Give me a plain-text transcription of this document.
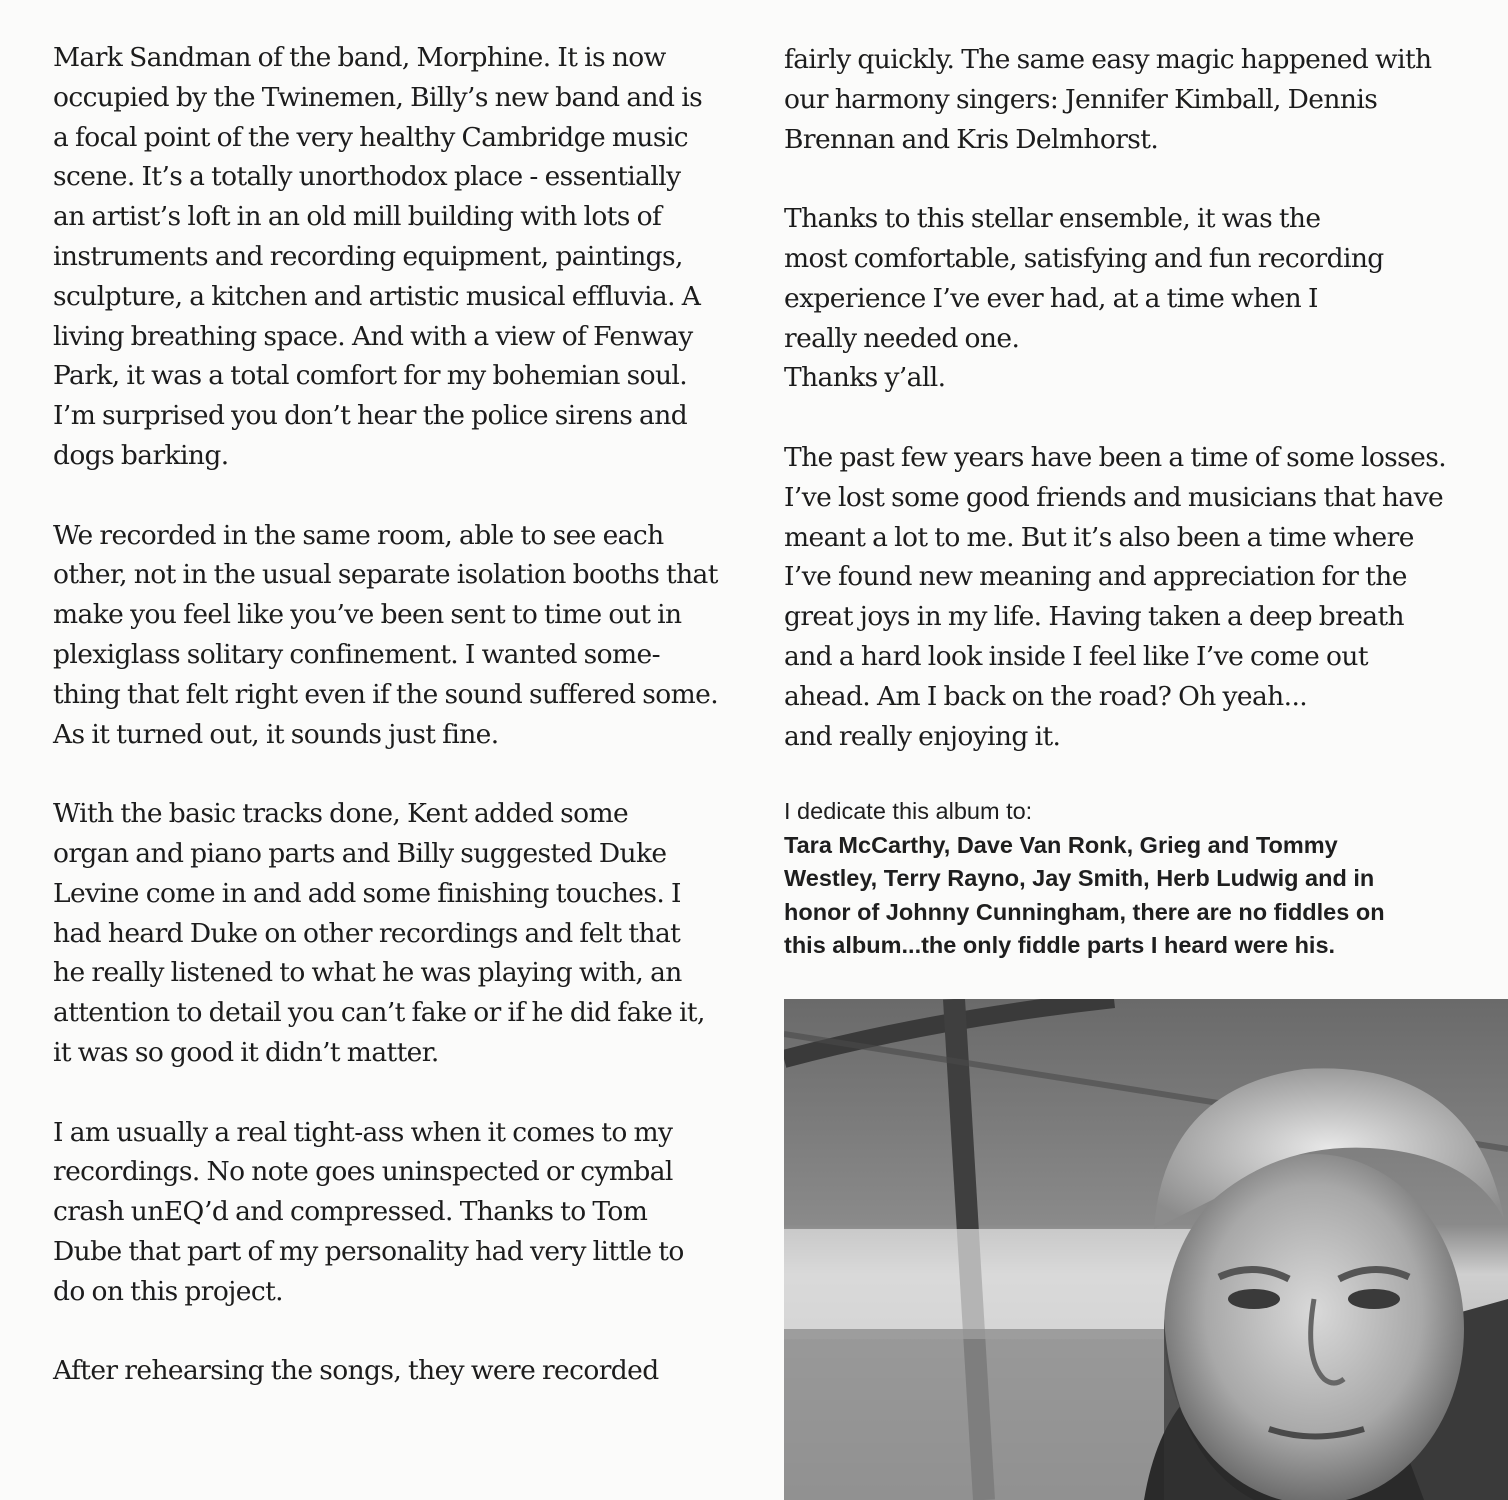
Mark Sandman of the band, Morphine. It is now
occupied by the Twinemen, Billy’s new band and is
a focal point of the very healthy Cambridge music
scene. It’s a totally unorthodox place - essentially
an artist’s loft in an old mill building with lots of
instruments and recording equipment, paintings,
sculpture, a kitchen and artistic musical effluvia. A
living breathing space. And with a view of Fenway
Park, it was a total comfort for my bohemian soul.
I’m surprised you don’t hear the police sirens and
dogs barking.

We recorded in the same room, able to see each
other, not in the usual separate isolation booths that
make you feel like you’ve been sent to time out in
plexiglass solitary confinement. I wanted some-
thing that felt right even if the sound suffered some.
As it turned out, it sounds just fine.

With the basic tracks done, Kent added some
organ and piano parts and Billy suggested Duke
Levine come in and add some finishing touches. I
had heard Duke on other recordings and felt that
he really listened to what he was playing with, an
attention to detail you can’t fake or if he did fake it,
it was so good it didn’t matter.

I am usually a real tight-ass when it comes to my
recordings. No note goes uninspected or cymbal
crash unEQ’d and compressed. Thanks to Tom
Dube that part of my personality had very little to
do on this project.

After rehearsing the songs, they were recorded

fairly quickly. The same easy magic happened with
our harmony singers: Jennifer Kimball, Dennis
Brennan and Kris Delmhorst.

Thanks to this stellar ensemble, it was the
most comfortable, satisfying and fun recording
experience I’ve ever had, at a time when I
really needed one.
Thanks y’all.

The past few years have been a time of some losses.
I’ve lost some good friends and musicians that have
meant a lot to me. But it’s also been a time where
I’ve found new meaning and appreciation for the
great joys in my life. Having taken a deep breath
and a hard look inside I feel like I’ve come out
ahead. Am I back on the road? Oh yeah...
and really enjoying it.

I dedicate this album to:
Tara McCarthy, Dave Van Ronk, Grieg and Tommy
Westley, Terry Rayno, Jay Smith, Herb Ludwig and in
honor of Johnny Cunningham, there are no fiddles on
this album...the only fiddle parts I heard were his.
